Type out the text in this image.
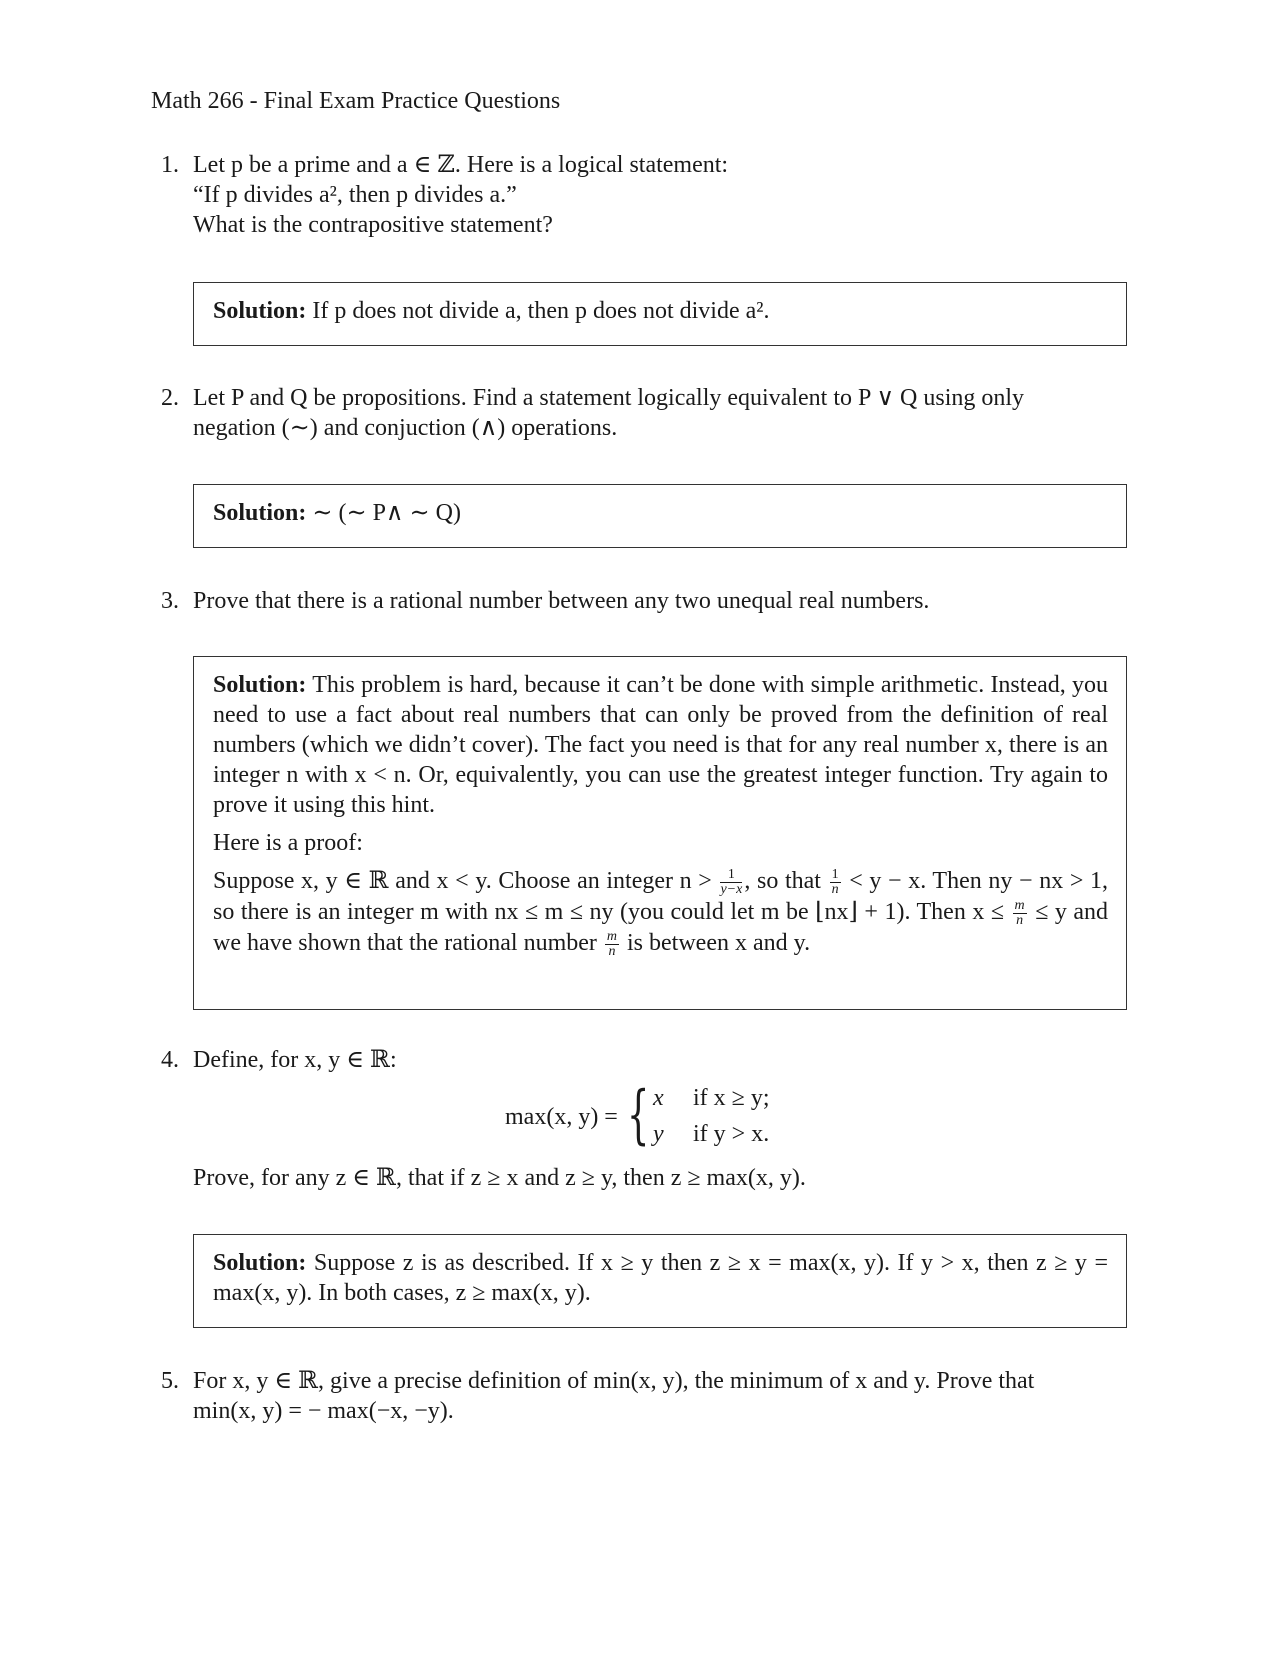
Math 266 - Final Exam Practice Questions
1. Let p be a prime and a ∈ ℤ. Here is a logical statement:
“If p divides a², then p divides a.”
What is the contrapositive statement?

Solution: If p does not divide a, then p does not divide a².

2. Let P and Q be propositions. Find a statement logically equivalent to P ∨ Q using only
negation (∼) and conjuction (∧) operations.

Solution: ∼ (∼ P∧ ∼ Q)

3. Prove that there is a rational number between any two unequal real numbers.

Solution: This problem is hard, because it can’t be done with simple arithmetic. Instead, you need to use a fact about real numbers that can only be proved from the definition of real numbers (which we didn’t cover). The fact you need is that for any real number x, there is an integer n with x < n. Or, equivalently, you can use the greatest integer function. Try again to prove it using this hint.

Here is a proof:

Suppose x, y ∈ ℝ and x < y. Choose an integer $n > \frac{1}{y-x}$ , so that $\frac{1}{n} < y - x$. Then ny − nx > 1, so there is an integer m with nx ≤ m ≤ ny (you could let m be ⌊nx⌋ + 1). Then $x \le \frac{m}{n} \le y$ and we have shown that the rational number $\frac{m}{n}$ is between x and y.

4. Define, for x, y ∈ ℝ:
max(x, y) = { x if x ≥ y;
y if y > x.
Prove, for any z ∈ ℝ, that if z ≥ x and z ≥ y, then z ≥ max(x, y).

Solution: Suppose z is as described. If x ≥ y then z ≥ x = max(x, y). If y > x, then z ≥ y = max(x, y). In both cases, z ≥ max(x, y).

5. For x, y ∈ ℝ, give a precise definition of min(x, y), the minimum of x and y. Prove that
min(x, y) = − max(−x, −y).
